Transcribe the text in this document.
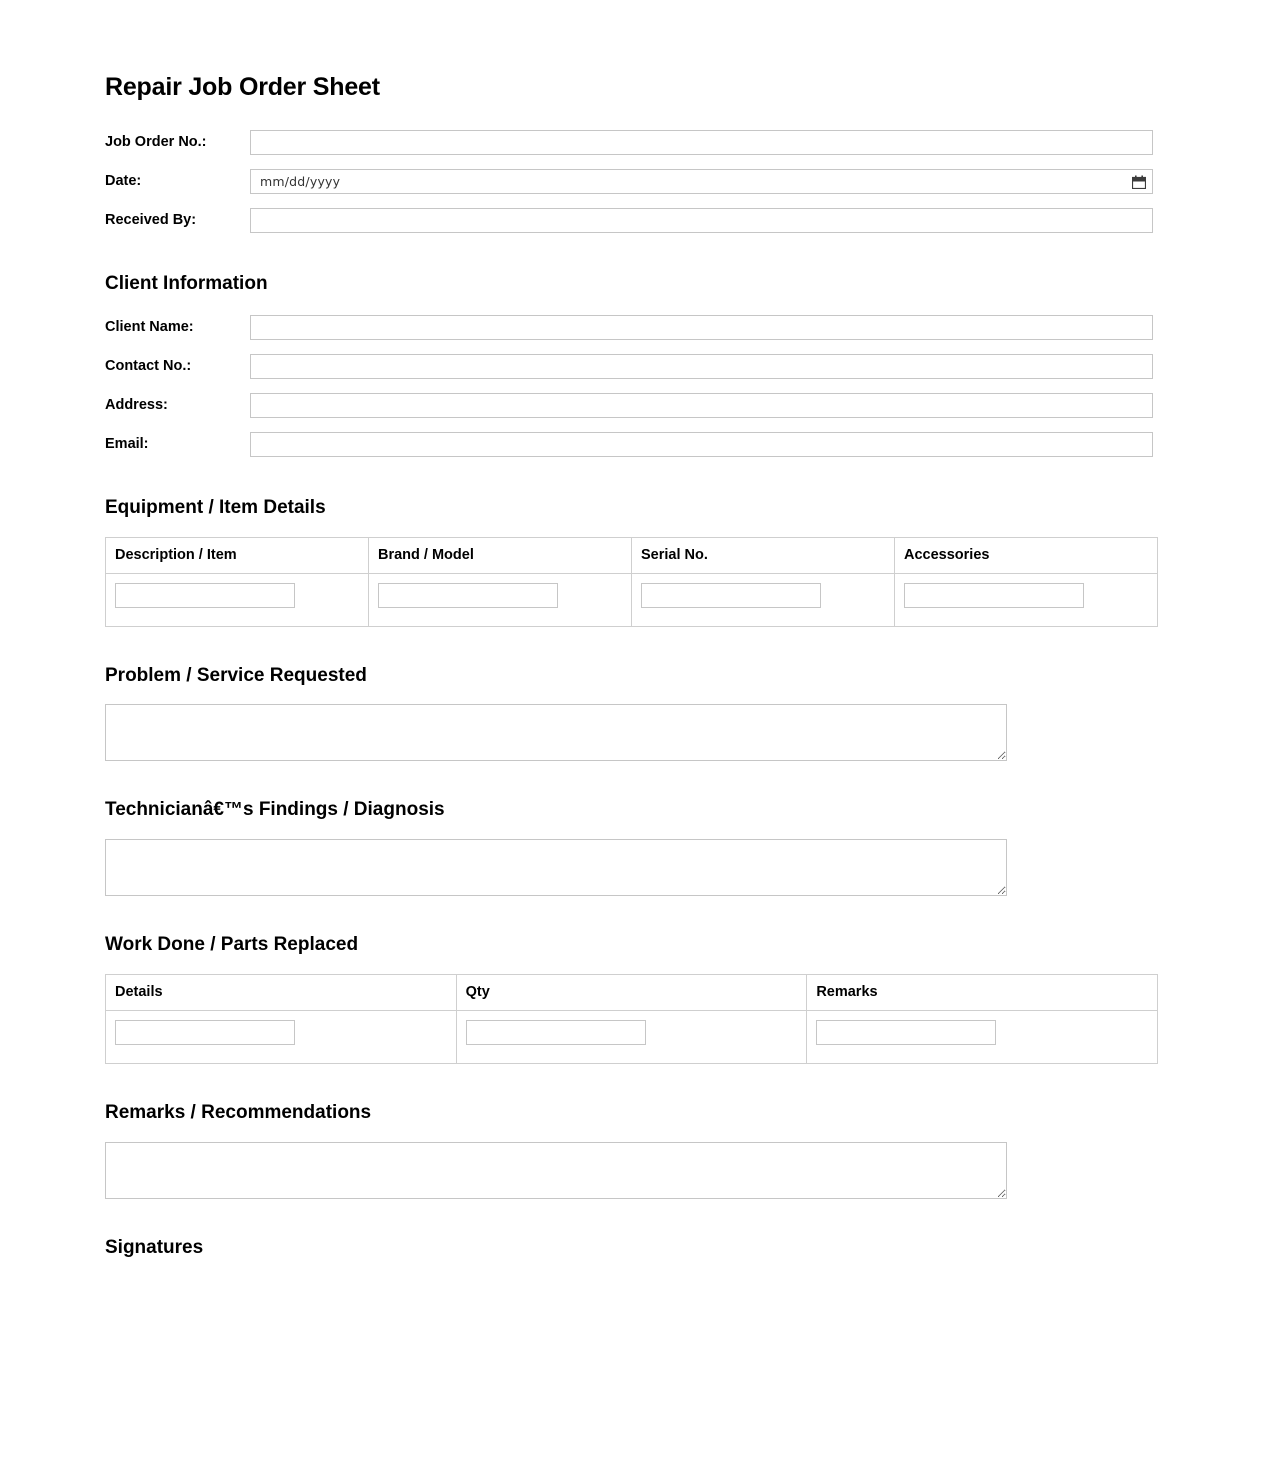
Repair Job Order Sheet
Job Order No.:
Date:	mm/dd/yyyy
Received By:
Client Information
Client Name:
Contact No.:
Address:
Email:
Equipment / Item Details
Description / Item	Brand / Model	Serial No.	Accessories

Problem / Service Requested
Technicianâ€™s Findings / Diagnosis
Work Done / Parts Replaced
Details	Qty	Remarks

Remarks / Recommendations
Signatures
